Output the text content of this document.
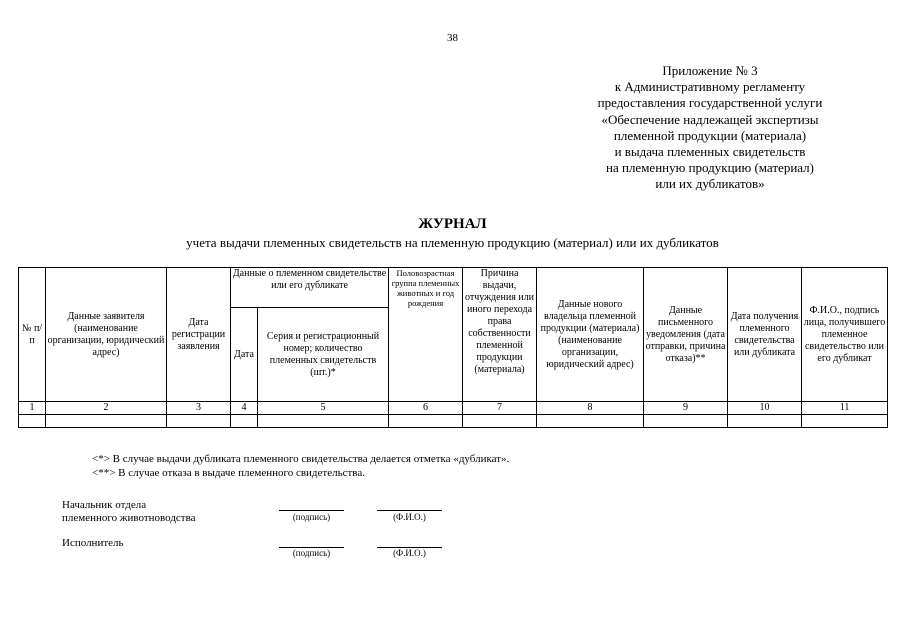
38
Приложение № 3
к Административному регламенту
предоставления государственной услуги
«Обеспечение надлежащей экспертизы
племенной продукции (материала)
и выдача племенных свидетельств
на племенную продукцию (материал)
или их дубликатов»
ЖУРНАЛ
учета выдачи племенных свидетельств на племенную продукцию (материал) или их дубликатов
№ п/п	Данные заявителя (наименование организации, юридический адрес)	Дата регистрации заявления	Данные о племенном свидетельстве или его дубликате		Половозрастная группа племенных животных и год рождения	Причина выдачи, отчуждения или иного перехода права собственности племенной продукции (материала)	Данные нового владельца племенной продукции (материала) (наименование организации, юридический адрес)	Данные письменного уведомления (дата отправки, причина отказа)**	Дата получения племенного свидетельства или дубликата	Ф.И.О., подпись лица, получившего племенное свидетельство или его дубликат
			Дата	Серия и регистрационный номер; количество племенных свидетельств (шт.)*						
1	2	3	4	5	6	7	8	9	10	11

<*> В случае выдачи дубликата племенного свидетельства делается отметка «дубликат».
<**> В случае отказа в выдаче племенного свидетельства.
Начальник отдела
племенного животноводства	(подпись)	(Ф.И.О.)
Исполнитель
(подпись)	(Ф.И.О.)
